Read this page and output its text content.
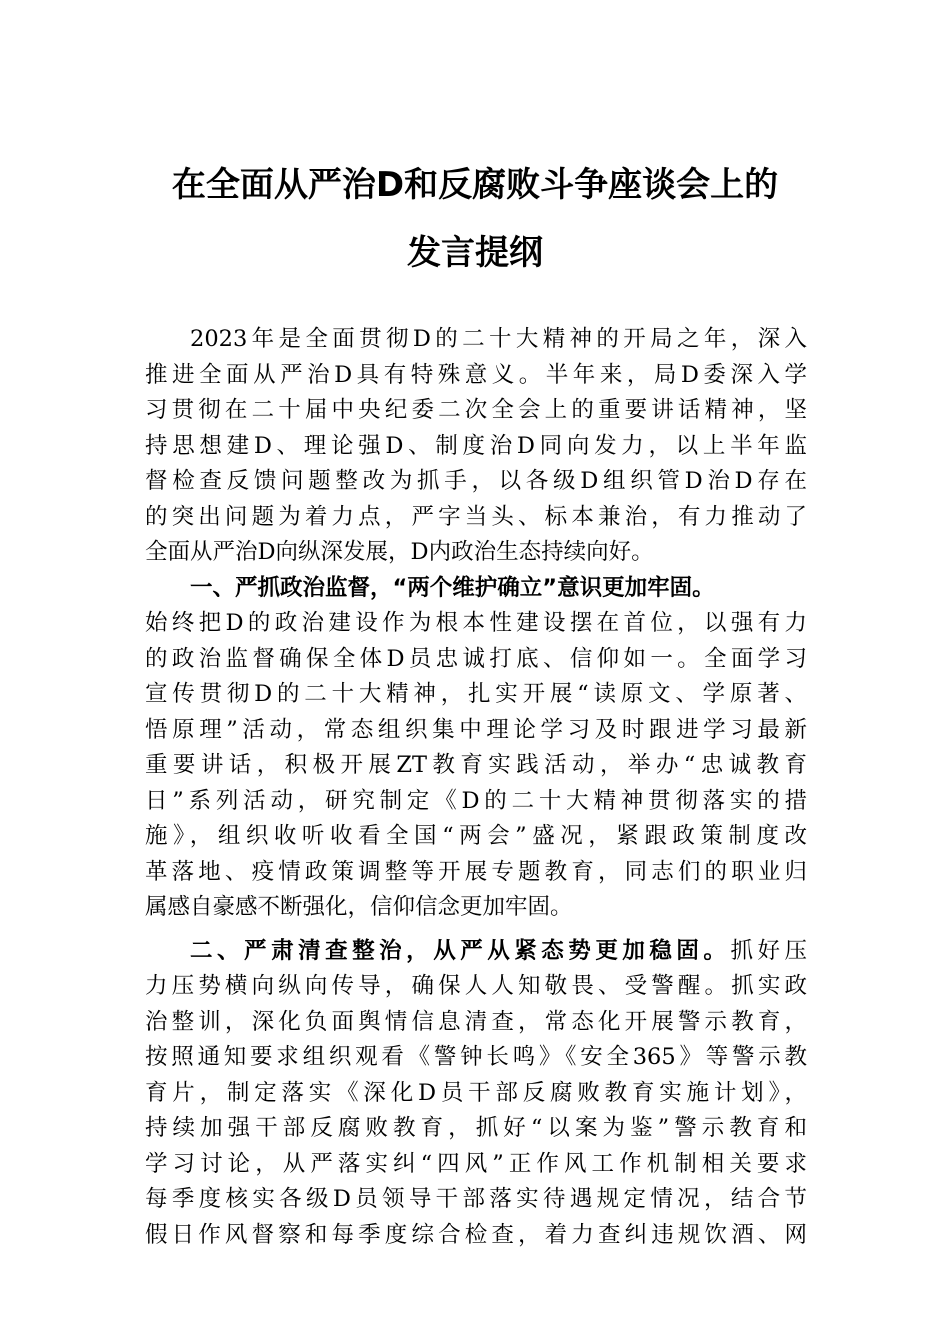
在全面从严治D和反腐败斗争座谈会上的
发言提纲
2023年是全面贯彻D的二十大精神的开局之年，深入
推进全面从严治D具有特殊意义。半年来，局D委深入学
习贯彻在二十届中央纪委二次全会上的重要讲话精神，坚
持思想建D、理论强D、制度治D同向发力，以上半年监
督检查反馈问题整改为抓手，以各级D组织管D治D存在
的突出问题为着力点，严字当头、标本兼治，有力推动了
全面从严治D向纵深发展，D内政治生态持续向好。
一、严抓政治监督，“两个维护确立”意识更加牢固。
始终把D的政治建设作为根本性建设摆在首位，以强有力
的政治监督确保全体D员忠诚打底、信仰如一。全面学习
宣传贯彻D的二十大精神，扎实开展“读原文、学原著、
悟原理”活动，常态组织集中理论学习及时跟进学习最新
重要讲话，积极开展ZT教育实践活动，举办“忠诚教育
日”系列活动，研究制定《D的二十大精神贯彻落实的措
施》，组织收听收看全国“两会”盛况，紧跟政策制度改
革落地、疫情政策调整等开展专题教育，同志们的职业归
属感自豪感不断强化，信仰信念更加牢固。
二、严肃清查整治，从严从紧态势更加稳固。抓好压
力压势横向纵向传导，确保人人知敬畏、受警醒。抓实政
治整训，深化负面舆情信息清查，常态化开展警示教育，
按照通知要求组织观看《警钟长鸣》《安全365》等警示教
育片，制定落实《深化D员干部反腐败教育实施计划》，
持续加强干部反腐败教育，抓好“以案为鉴”警示教育和
学习讨论，从严落实纠“四风”正作风工作机制相关要求
每季度核实各级D员领导干部落实待遇规定情况，结合节
假日作风督察和每季度综合检查，着力查纠违规饮酒、网
